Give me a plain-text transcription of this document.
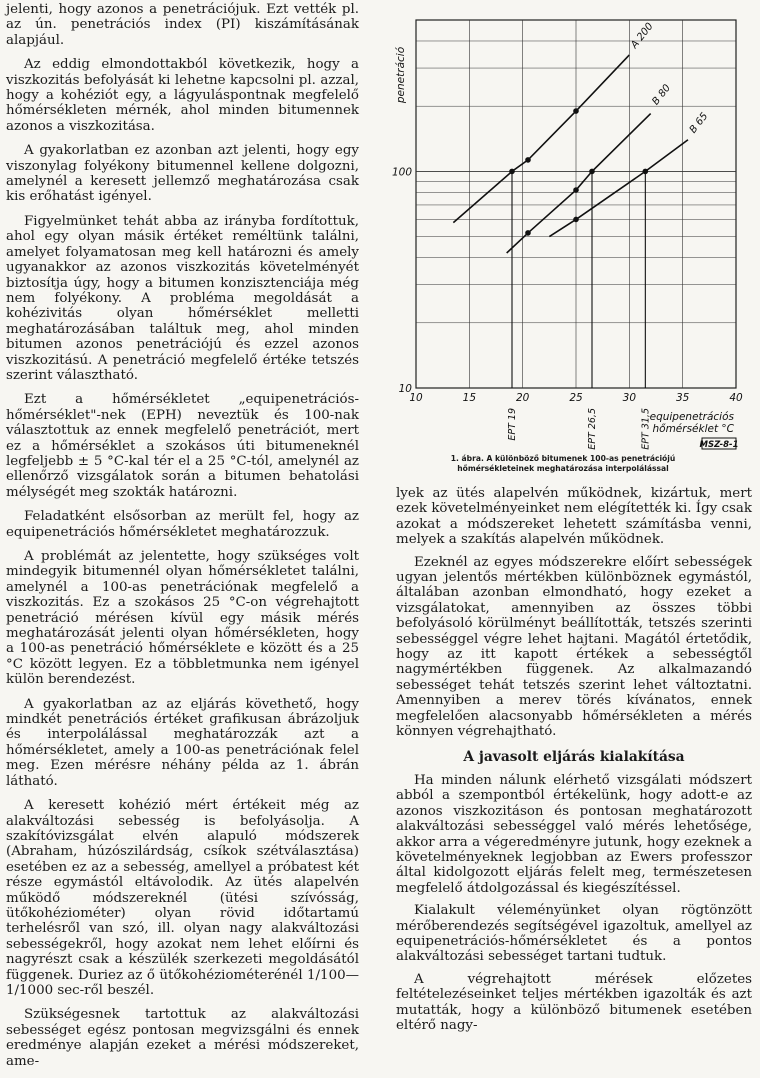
jelenti, hogy azonos a penetrációjuk. Ezt vették pl. az ún. penetrációs index (PI) kiszámításának alapjául.

Az eddig elmondottakból következik, hogy a viszkozitás befolyását ki lehetne kapcsolni pl. azzal, hogy a kohéziót egy, a lágyuláspontnak megfelelő hőmérsékleten mérnék, ahol minden bitumennek azonos a viszkozitása.

A gyakorlatban ez azonban azt jelenti, hogy egy viszonylag folyékony bitumennel kellene dolgozni, amelynél a keresett jellemző meghatározása csak kis erőhatást igényel.

Figyelmünket tehát abba az irányba fordítottuk, ahol egy olyan másik értéket reméltünk találni, amelyet folyamatosan meg kell határozni és amely ugyanakkor az azonos viszkozitás követelményét biztosítja úgy, hogy a bitumen konzisztenciája még nem folyékony. A probléma megoldását a kohézivitás olyan hőmérséklet melletti meghatározásában találtuk meg, ahol minden bitumen azonos penetrációjú és ezzel azonos viszkozitású. A penetráció megfelelő értéke tetszés szerint választható.

Ezt a hőmérsékletet „equipenetrációs-hőmérséklet"-nek (EPH) neveztük és 100-nak választottuk az ennek megfelelő penetrációt, mert ez a hőmérséklet a szokásos úti bitumeneknél legfeljebb ± 5 °C-kal tér el a 25 °C-tól, amelynél az ellenőrző vizsgálatok során a bitumen behatolási mélységét meg szokták határozni.

Feladatként elsősorban az merült fel, hogy az equipenetrációs hőmérsékletet meghatározzuk.

A problémát az jelentette, hogy szükséges volt mindegyik bitumennél olyan hőmérsékletet találni, amelynél a 100-as penetrációnak megfelelő a viszkozitás. Ez a szokásos 25 °C-on végrehajtott penetráció mérésen kívül egy másik mérés meghatározását jelenti olyan hőmérsékleten, hogy a 100-as penetráció hőmérséklete e között és a 25 °C között legyen. Ez a többletmunka nem igényel külön berendezést.

A gyakorlatban az az eljárás követhető, hogy mindkét penetrációs értéket grafikusan ábrázoljuk és interpolálással meghatározzák azt a hőmérsékletet, amely a 100-as penetrációnak felel meg. Ezen mérésre néhány példa az 1. ábrán látható.

A keresett kohézió mért értékeit még az alakváltozási sebesség is befolyásolja. A szakítóvizsgálat elvén alapuló módszerek (Abraham, húzószilárdság, csíkok szétválasztása) esetében ez az a sebesség, amellyel a próbatest két része egymástól eltávolodik. Az ütés alapelvén működő módszereknél (ütési szívósság, ütőkohéziométer) olyan rövid időtartamú terhelésről van szó, ill. olyan nagy alakváltozási sebességekről, hogy azokat nem lehet előírni és nagyrészt csak a készülék szerkezeti megoldásától függenek. Duriez az ő ütőkohéziométerénél 1/100—1/1000 sec-ről beszél.

Szükségesnek tartottuk az alakváltozási sebességet egész pontosan megvizsgálni és ennek eredménye alapján ezeket a mérési módszereket, ame-

10	15	20	25	30	35	40
10
100
penetráció
A 200
B 80
B 65
EPT 19	EPT 26,5	EPT 31,5
equipenetrációs
hőmérséklet °C
MSZ-8-1
1. ábra. A különböző bitumenek 100-as penetrációjú
hőmérsékleteinek meghatározása interpolálással

lyek az ütés alapelvén működnek, kizártuk, mert ezek követelményeinket nem elégítették ki. Így csak azokat a módszereket lehetett számításba venni, melyek a szakítás alapelvén működnek.

Ezeknél az egyes módszerekre előírt sebességek ugyan jelentős mértékben különböznek egymástól, általában azonban elmondható, hogy ezeket a vizsgálatokat, amennyiben az összes többi befolyásoló körülményt beállították, tetszés szerinti sebességgel végre lehet hajtani. Magától értetődik, hogy az itt kapott értékek a sebességtől nagymértékben függenek. Az alkalmazandó sebességet tehát tetszés szerint lehet változtatni. Amennyiben a merev törés kívánatos, ennek megfelelően alacsonyabb hőmérsékleten a mérés könnyen végrehajtható.

A javasolt eljárás kialakítása

Ha minden nálunk elérhető vizsgálati módszert abból a szempontból értékelünk, hogy adott-e az azonos viszkozitáson és pontosan meghatározott alakváltozási sebességgel való mérés lehetősége, akkor arra a végeredményre jutunk, hogy ezeknek a követelményeknek legjobban az Ewers professzor által kidolgozott eljárás felelt meg, természetesen megfelelő átdolgozással és kiegészítéssel.

Kialakult véleményünket olyan rögtönzött mérőberendezés segítségével igazoltuk, amellyel az equipenetrációs-hőmérsékletet és a pontos alakváltozási sebességet tartani tudtuk.

A végrehajtott mérések előzetes feltételezéseinket teljes mértékben igazolták és azt mutatták, hogy a különböző bitumenek esetében eltérő nagy-
